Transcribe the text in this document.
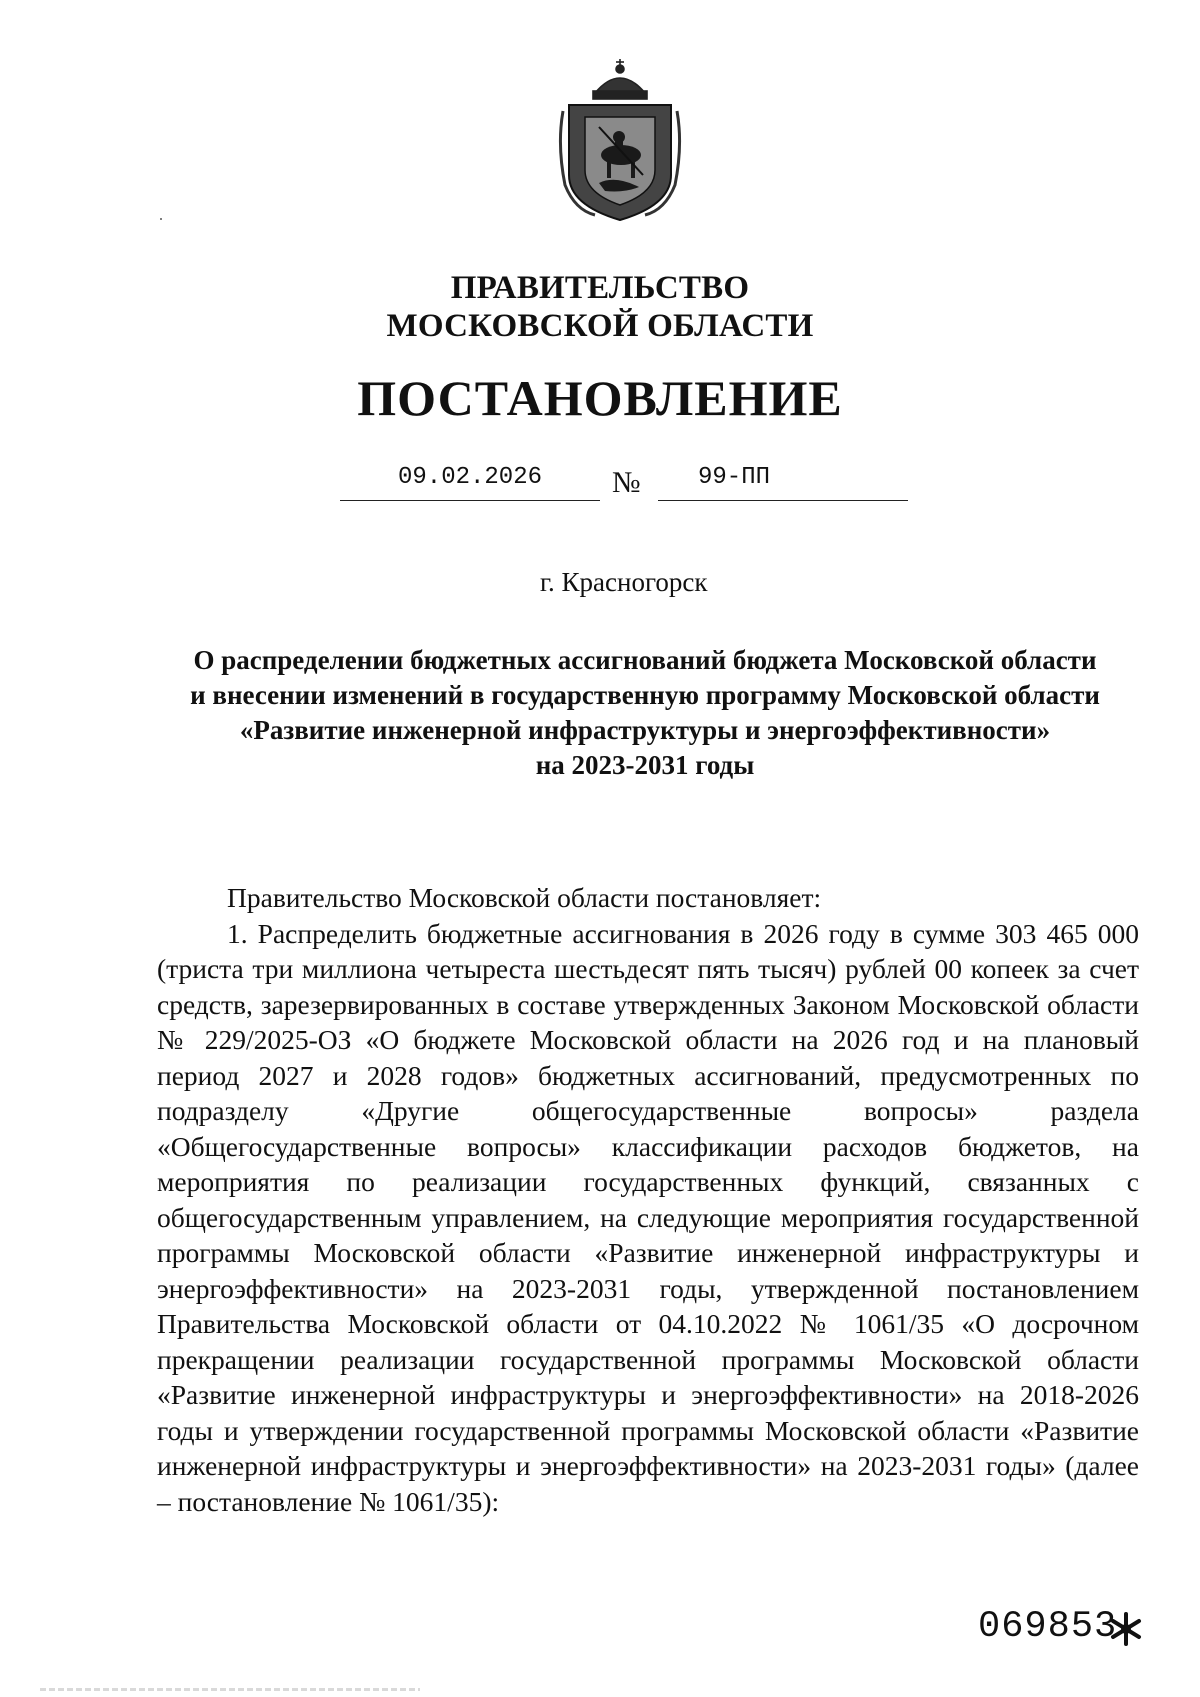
ПРАВИТЕЛЬСТВО
МОСКОВСКОЙ ОБЛАСТИ
ПОСТАНОВЛЕНИЕ
09.02.2026	№	99-ПП
г. Красногорск
О распределении бюджетных ассигнований бюджета Московской области
и внесении изменений в государственную программу Московской области
«Развитие инженерной инфраструктуры и энергоэффективности»
на 2023-2031 годы

Правительство Московской области постановляет:

1. Распределить бюджетные ассигнования в 2026 году в сумме 303 465 000 (триста три миллиона четыреста шестьдесят пять тысяч) рублей 00 копеек за счет средств, зарезервированных в составе утвержденных Законом Московской области № 229/2025-ОЗ «О бюджете Московской области на 2026 год и на плановый период 2027 и 2028 годов» бюджетных ассигнований, предусмотренных по подразделу «Другие общегосударственные вопросы» раздела «Общегосударственные вопросы» классификации расходов бюджетов, на мероприятия по реализации государственных функций, связанных с общегосударственным управлением, на следующие мероприятия государственной программы Московской области «Развитие инженерной инфраструктуры и энергоэффективности» на 2023-2031 годы, утвержденной постановлением Правительства Московской области от 04.10.2022 № 1061/35 «О досрочном прекращении реализации государственной программы Московской области «Развитие инженерной инфраструктуры и энергоэффективности» на 2018-2026 годы и утверждении государственной программы Московской области «Развитие инженерной инфраструктуры и энергоэффективности» на 2023-2031 годы» (далее – постановление № 1061/35):

069853
